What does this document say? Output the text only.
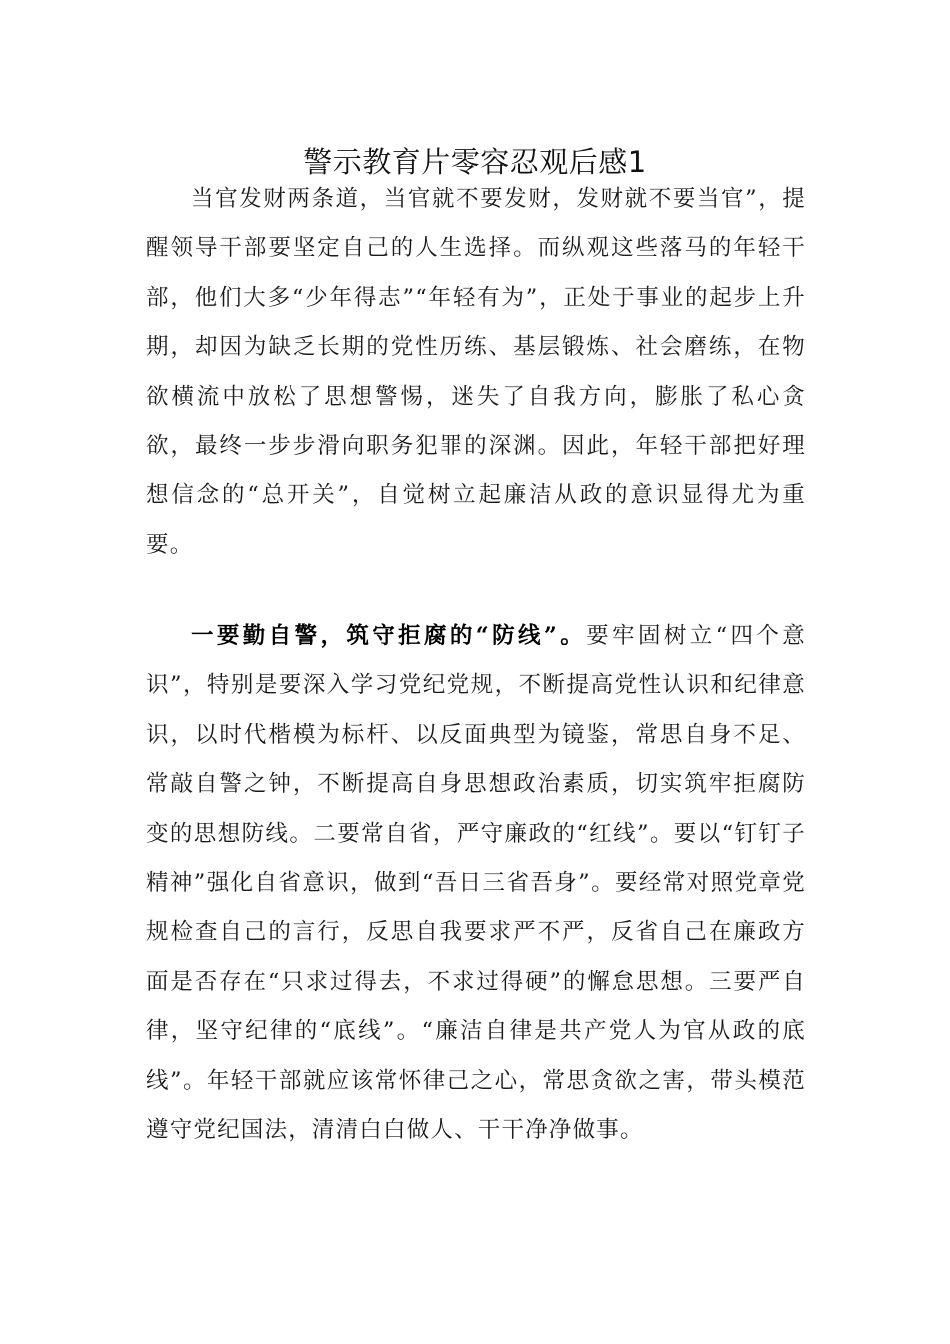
警示教育片零容忍观后感1

当官发财两条道，当官就不要发财，发财就不要当官”，提醒领导干部要坚定自己的人生选择。而纵观这些落马的年轻干部，他们大多“少年得志”“年轻有为”，正处于事业的起步上升期，却因为缺乏长期的党性历练、基层锻炼、社会磨练，在物欲横流中放松了思想警惕，迷失了自我方向，膨胀了私心贪欲，最终一步步滑向职务犯罪的深渊。因此，年轻干部把好理想信念的“总开关”，自觉树立起廉洁从政的意识显得尤为重要。

一要勤自警，筑守拒腐的“防线”。要牢固树立“四个意识”，特别是要深入学习党纪党规，不断提高党性认识和纪律意识，以时代楷模为标杆、以反面典型为镜鉴，常思自身不足、常敲自警之钟，不断提高自身思想政治素质，切实筑牢拒腐防变的思想防线。二要常自省，严守廉政的“红线”。要以“钉钉子精神”强化自省意识，做到“吾日三省吾身”。要经常对照党章党规检查自己的言行，反思自我要求严不严，反省自己在廉政方面是否存在“只求过得去，不求过得硬”的懈怠思想。三要严自律，坚守纪律的“底线”。“廉洁自律是共产党人为官从政的底线”。年轻干部就应该常怀律己之心，常思贪欲之害，带头模范遵守党纪国法，清清白白做人、干干净净做事。
